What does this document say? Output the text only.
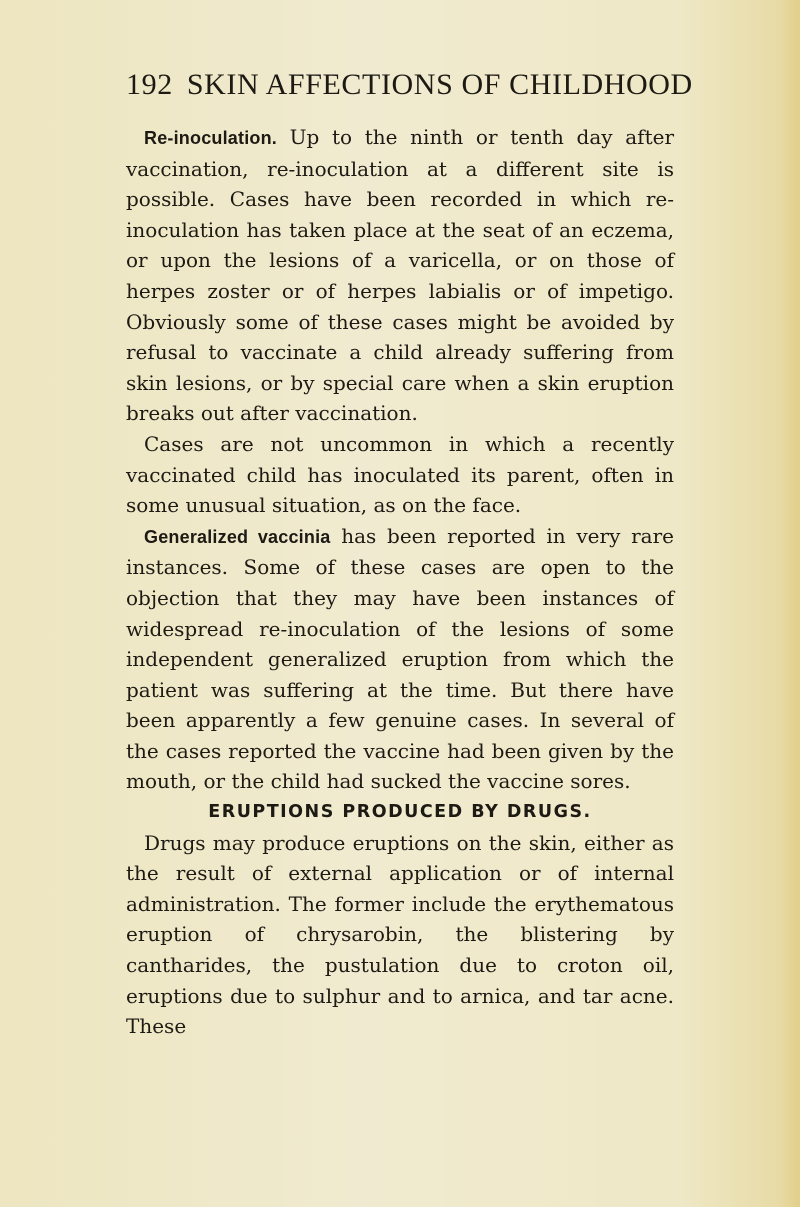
192 SKIN AFFECTIONS OF CHILDHOOD

Re-inoculation. Up to the ninth or tenth day after vaccination, re-inoculation at a different site is possible. Cases have been recorded in which re-inoculation has taken place at the seat of an eczema, or upon the lesions of a varicella, or on those of herpes zoster or of herpes labialis or of impetigo. Obviously some of these cases might be avoided by refusal to vaccinate a child already suffering from skin lesions, or by special care when a skin eruption breaks out after vaccination.

Cases are not uncommon in which a recently vaccinated child has inoculated its parent, often in some unusual situation, as on the face.

Generalized vaccinia has been reported in very rare instances. Some of these cases are open to the objection that they may have been instances of widespread re-inoculation of the lesions of some independent generalized eruption from which the patient was suffering at the time. But there have been apparently a few genuine cases. In several of the cases reported the vaccine had been given by the mouth, or the child had sucked the vaccine sores.

ERUPTIONS PRODUCED BY DRUGS.

Drugs may produce eruptions on the skin, either as the result of external application or of internal administration. The former include the erythematous eruption of chrysarobin, the blistering by cantharides, the pustulation due to croton oil, eruptions due to sulphur and to arnica, and tar acne. These
